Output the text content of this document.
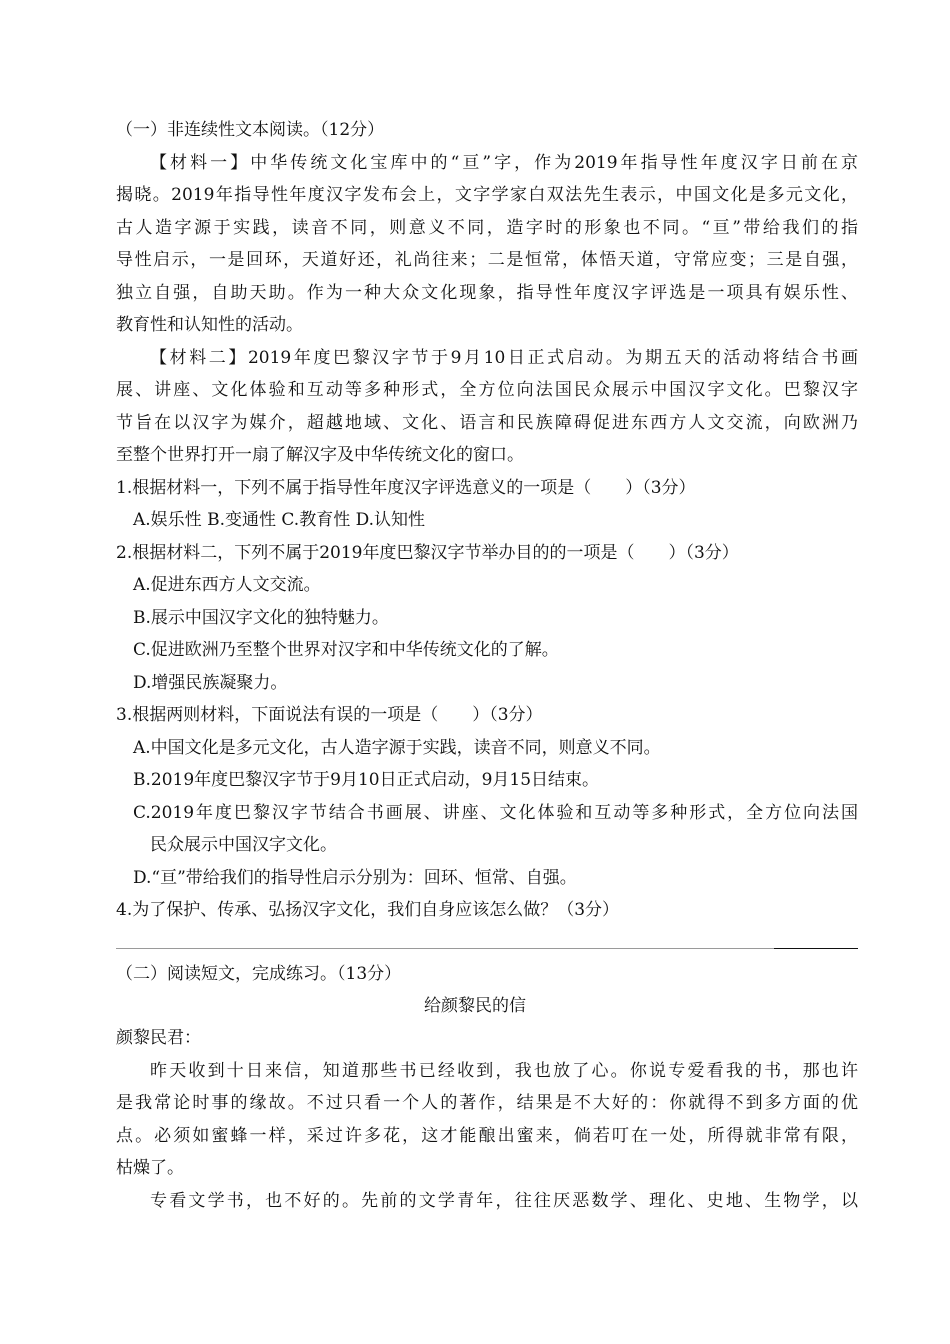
（一）非连续性文本阅读。（12分）
【材料一】中华传统文化宝库中的“亘”字，作为2019年指导性年度汉字日前在京
揭晓。2019年指导性年度汉字发布会上，文字学家白双法先生表示，中国文化是多元文化，
古人造字源于实践，读音不同，则意义不同，造字时的形象也不同。“亘”带给我们的指
导性启示，一是回环，天道好还，礼尚往来；二是恒常，体悟天道，守常应变；三是自强，
独立自强，自助天助。作为一种大众文化现象，指导性年度汉字评选是一项具有娱乐性、
教育性和认知性的活动。
【材料二】2019年度巴黎汉字节于9月10日正式启动。为期五天的活动将结合书画
展、讲座、文化体验和互动等多种形式，全方位向法国民众展示中国汉字文化。巴黎汉字
节旨在以汉字为媒介，超越地域、文化、语言和民族障碍促进东西方人文交流，向欧洲乃
至整个世界打开一扇了解汉字及中华传统文化的窗口。
1.根据材料一，下列不属于指导性年度汉字评选意义的一项是（　　）（3分）
A.娱乐性 B.变通性 C.教育性 D.认知性
2.根据材料二，下列不属于2019年度巴黎汉字节举办目的的一项是（　　）（3分）
A.促进东西方人文交流。
B.展示中国汉字文化的独特魅力。
C.促进欧洲乃至整个世界对汉字和中华传统文化的了解。
D.增强民族凝聚力。
3.根据两则材料，下面说法有误的一项是（　　）（3分）
A.中国文化是多元文化，古人造字源于实践，读音不同，则意义不同。
B.2019年度巴黎汉字节于9月10日正式启动，9月15日结束。
C.2019年度巴黎汉字节结合书画展、讲座、文化体验和互动等多种形式，全方位向法国
民众展示中国汉字文化。
D.“亘”带给我们的指导性启示分别为：回环、恒常、自强。
4.为了保护、传承、弘扬汉字文化，我们自身应该怎么做？（3分）
（二）阅读短文，完成练习。（13分）
给颜黎民的信
颜黎民君：
昨天收到十日来信，知道那些书已经收到，我也放了心。你说专爱看我的书，那也许
是我常论时事的缘故。不过只看一个人的著作，结果是不大好的：你就得不到多方面的优
点。必须如蜜蜂一样，采过许多花，这才能酿出蜜来，倘若叮在一处，所得就非常有限，
枯燥了。
专看文学书，也不好的。先前的文学青年，往往厌恶数学、理化、史地、生物学，以
